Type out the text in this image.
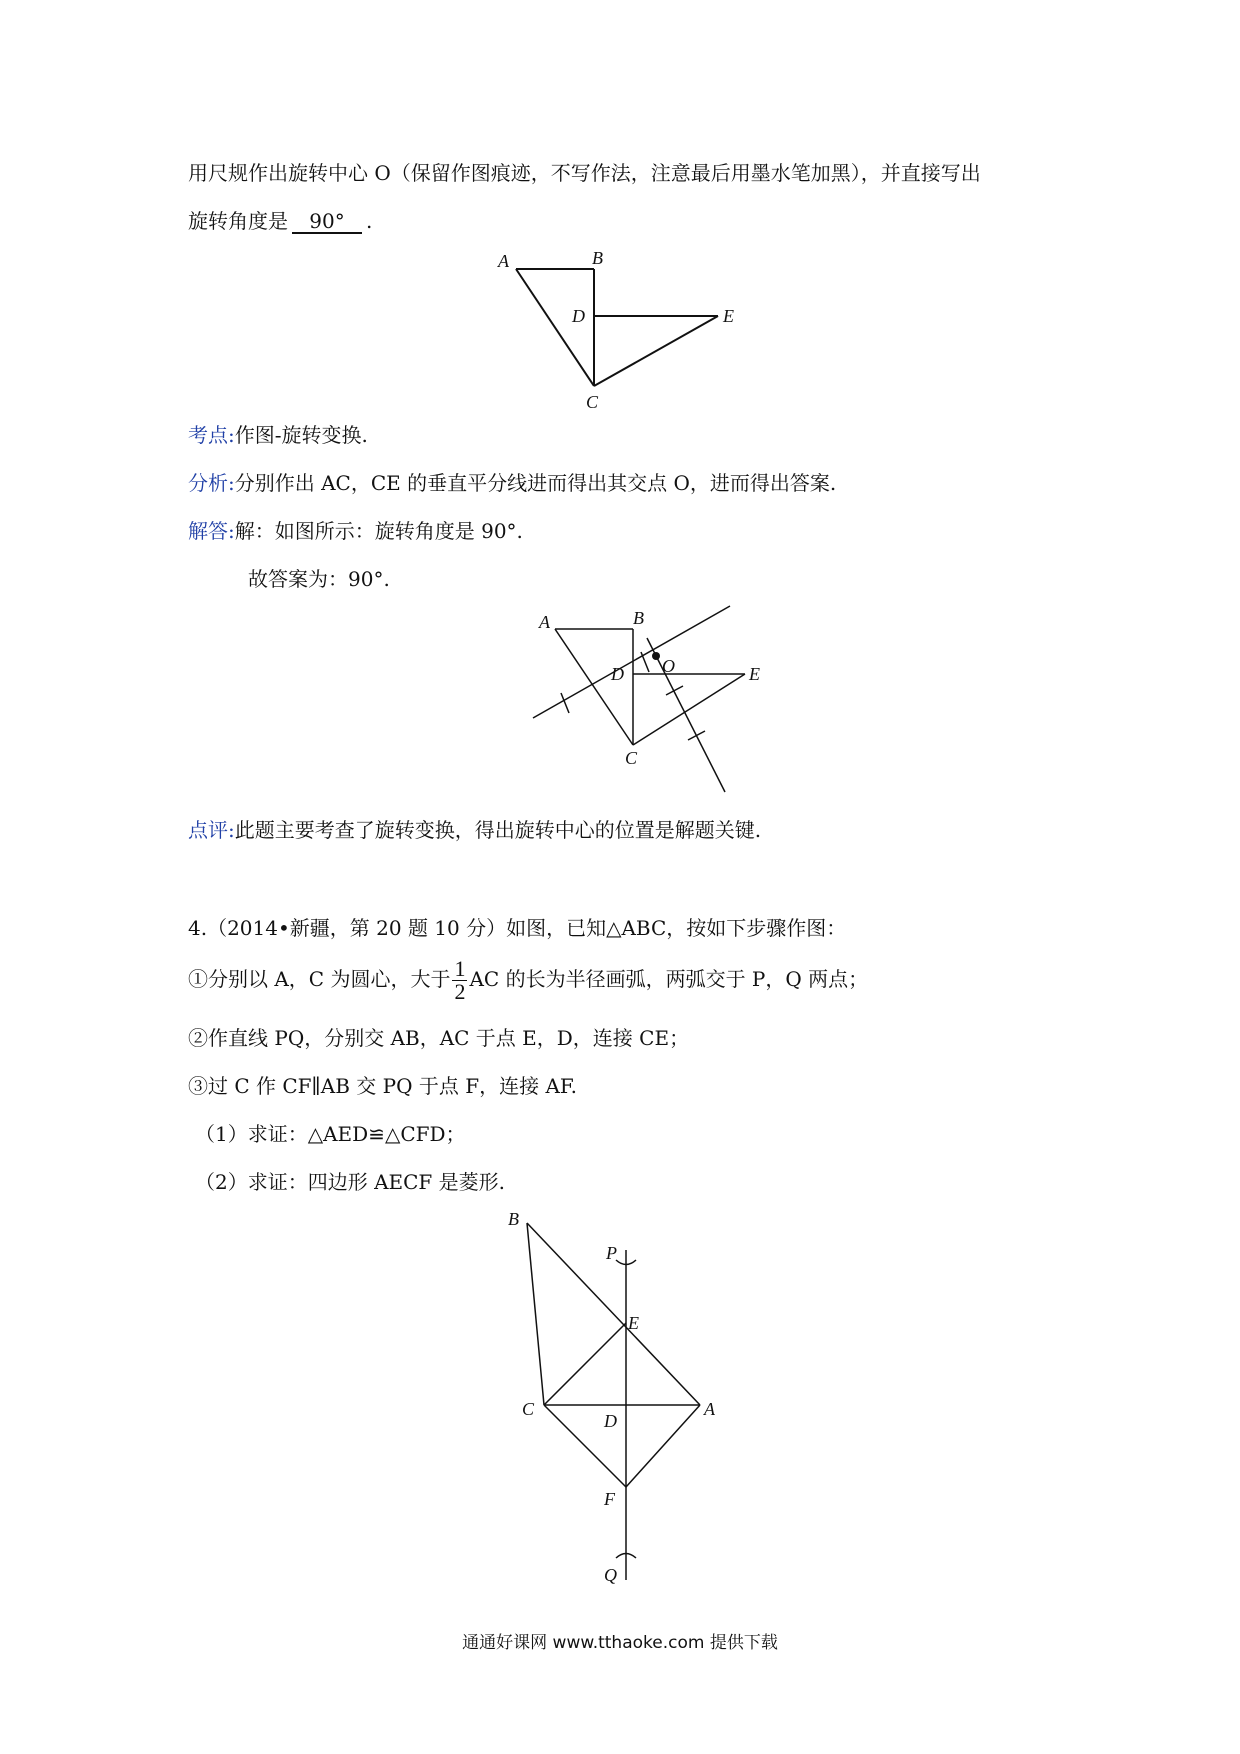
用尺规作出旋转中心 O（保留作图痕迹，不写作法，注意最后用墨水笔加黑），并直接写出
旋转角度是 90° .
A	B
D	E
C
考点:作图-旋转变换.
分析:分别作出 AC，CE 的垂直平分线进而得出其交点 O，进而得出答案.
解答:解：如图所示：旋转角度是 90°.
故答案为：90°.
A	B
O
D	E
C
点评:此题主要考查了旋转变换，得出旋转中心的位置是解题关键.
4.（2014•新疆，第 20 题 10 分）如图，已知△ABC，按如下步骤作图：
①分别以 A，C 为圆心，大于 $\frac{1}{2}$ AC 的长为半径画弧，两弧交于 P，Q 两点；
②作直线 PQ，分别交 AB，AC 于点 E，D，连接 CE；
③过 C 作 CF∥AB 交 PQ 于点 F，连接 AF.
（1）求证：△AED≌△CFD；
（2）求证：四边形 AECF 是菱形.
B
P
E
C
D
A
F
Q
通通好课网 www.tthaoke.com 提供下载
